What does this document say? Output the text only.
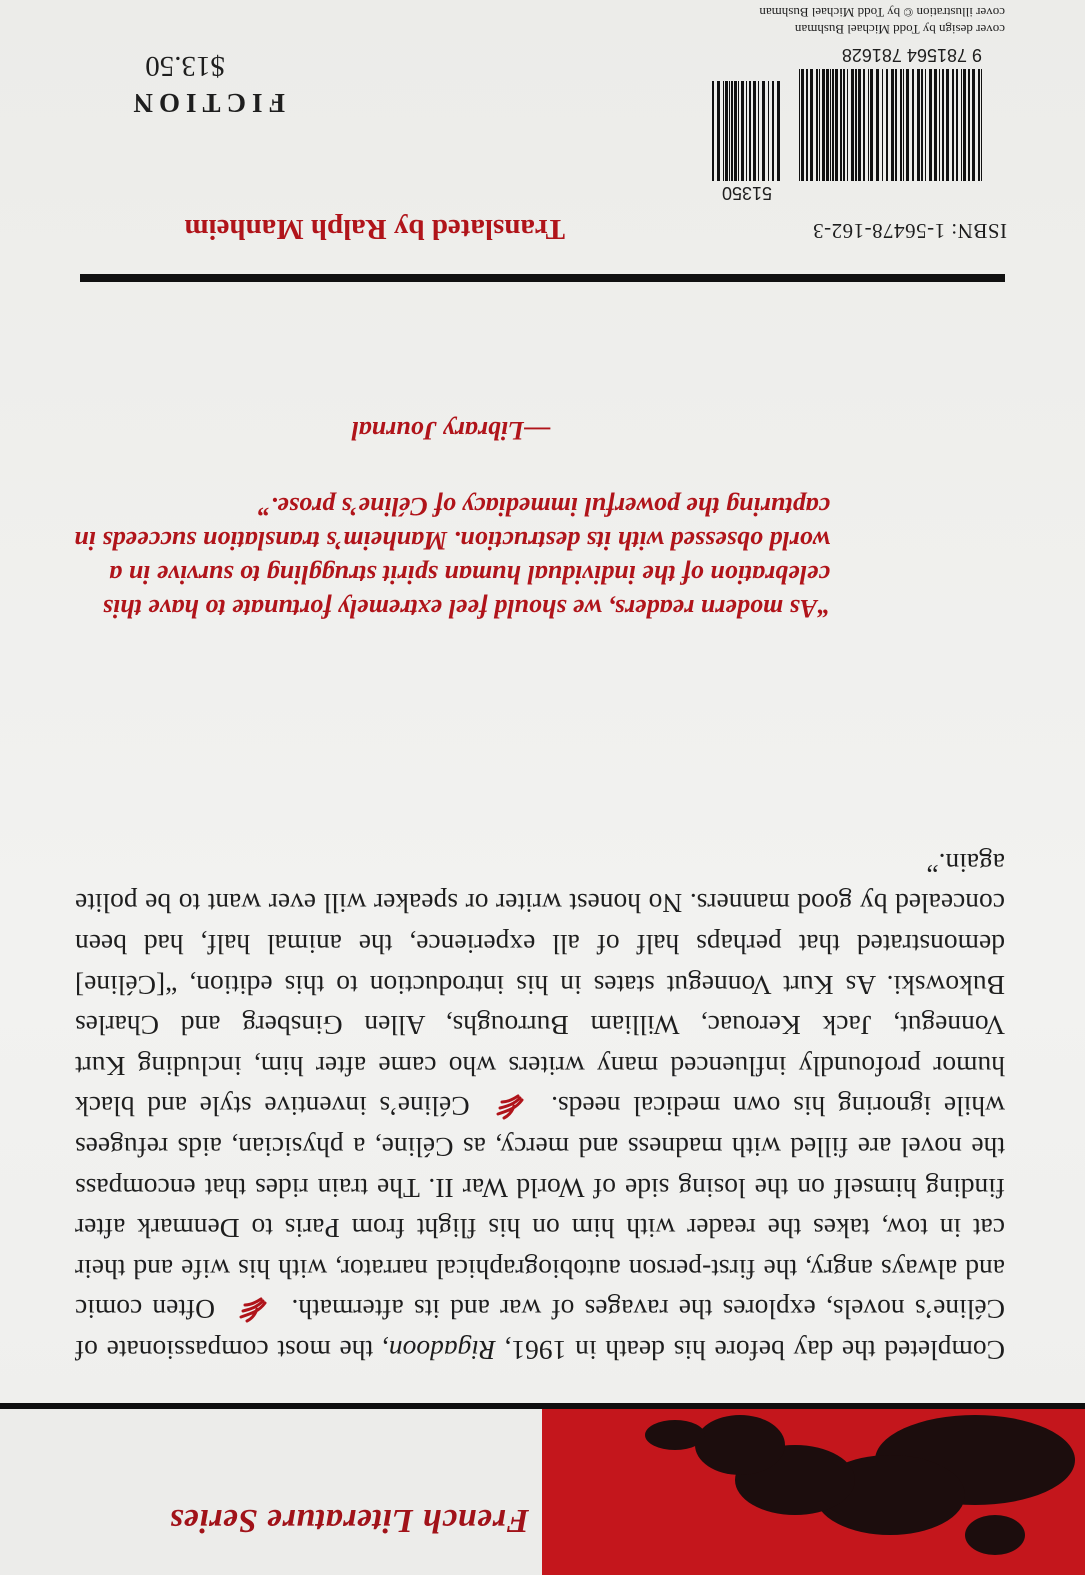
French Literature Series

Completed the day before his death in 1961, Rigadoon, the most compassionate of Céline’s novels, explores the ravages of war and its aftermath.  Often comic and always angry, the first-person autobiographical narrator, with his wife and their cat in tow, takes the reader with him on his flight from Paris to Denmark after finding himself on the losing side of World War II. The train rides that encompass the novel are filled with madness and mercy, as Céline, a physician, aids refugees while ignoring his own medical needs.  Céline’s inventive style and black humor profoundly influenced many writers who came after him, including Kurt Vonnegut, Jack Kerouac, William Burroughs, Allen Ginsberg and Charles Bukowski. As Kurt Vonnegut states in his introduction to this edition, “[Céline] demonstrated that perhaps half of all experience, the animal half, had been concealed by good manners. No honest writer or speaker will ever want to be polite again.”

“As modern readers, we should feel extremely fortunate to have this celebration of the individual human spirit struggling to survive in a world obsessed with its destruction. Manheim’s translation succeeds in capturing the powerful immediacy of Céline’s prose.”

—Library Journal
Translated by Ralph Manheim	ISBN: 1-56478-162-3
9 781564 781628
51350
FICTION
$13.50
cover design by Todd Michael Bushman
cover illustration © by Todd Michael Bushman
